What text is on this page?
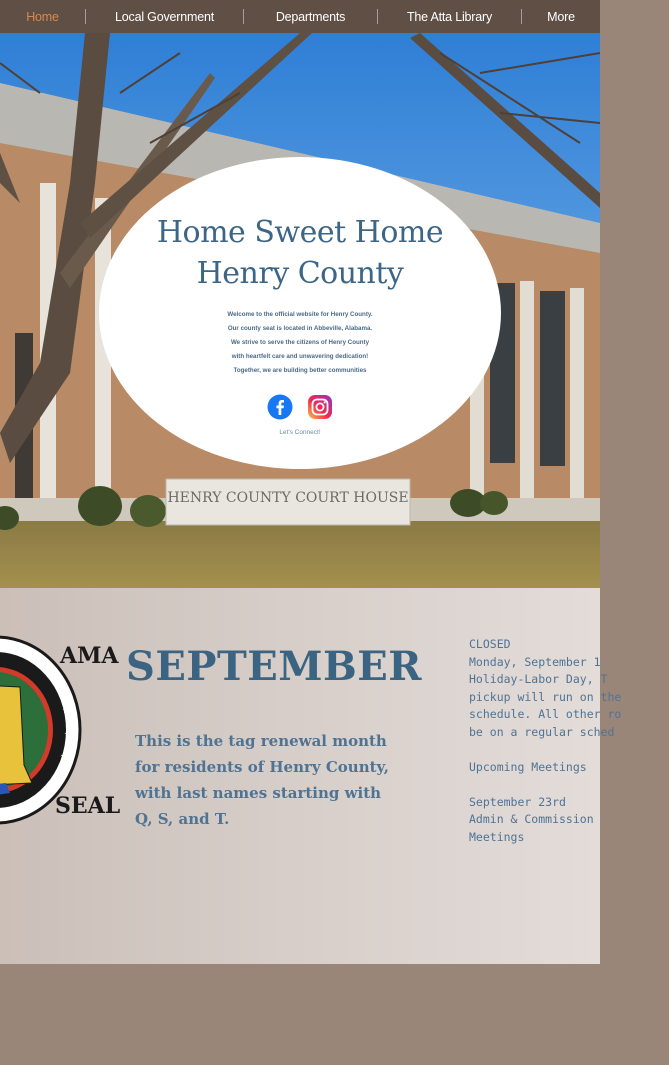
Home	Local Government	Departments	The Atta Library	More
HENRY COUNTY COURT HOUSE
Home Sweet Home
Henry County
Welcome to the official website for Henry County.
Our county seat is located in Abbeville, Alabama.
We strive to serve the citizens of Henry County
with heartfelt care and unwavering dedication!
Together, we are building better communities
Let's Connect!
AMA
SEAL
★
★
★
SEPTEMBER
This is the tag renewal month
for residents of Henry County,
with last names starting with
Q, S, and T.
CLOSED
Monday, September 1
Holiday-Labor Day, T
pickup will run on the
schedule. All other ro
be on a regular sched
Upcoming Meetings
September 23rd
Admin & Commission
Meetings
